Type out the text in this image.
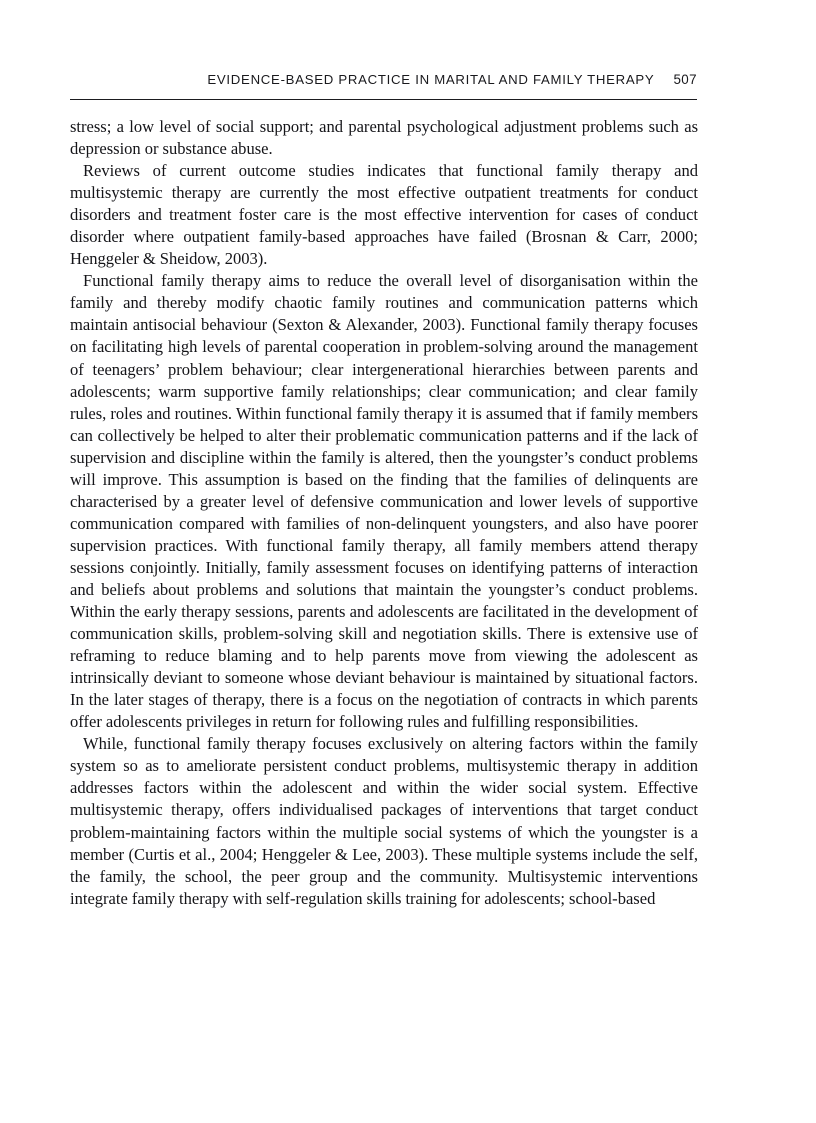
EVIDENCE-BASED PRACTICE IN MARITAL AND FAMILY THERAPY 507

stress; a low level of social support; and parental psychological adjustment problems such as depression or substance abuse.

Reviews of current outcome studies indicates that functional family therapy and multisystemic therapy are currently the most effective outpatient treatments for conduct disorders and treatment foster care is the most effective intervention for cases of conduct disorder where outpatient family-based approaches have failed (Brosnan & Carr, 2000; Henggeler & Sheidow, 2003).

Functional family therapy aims to reduce the overall level of disorganisation within the family and thereby modify chaotic family routines and communication patterns which maintain antisocial behaviour (Sexton & Alexander, 2003). Functional family therapy focuses on facilitating high levels of parental cooperation in problem-solving around the management of teenagers’ problem behaviour; clear intergenerational hierarchies between parents and adolescents; warm supportive family relationships; clear communication; and clear family rules, roles and routines. Within functional family therapy it is assumed that if family members can collectively be helped to alter their problematic communication patterns and if the lack of supervision and discipline within the family is altered, then the youngster’s conduct problems will improve. This assumption is based on the finding that the families of delinquents are characterised by a greater level of defensive communication and lower levels of supportive communication compared with families of non-delinquent youngsters, and also have poorer supervision practices. With functional family therapy, all family members attend therapy sessions conjointly. Initially, family assessment focuses on identifying patterns of interaction and beliefs about problems and solutions that maintain the youngster’s conduct problems. Within the early therapy sessions, parents and adolescents are facilitated in the development of communication skills, problem-solving skill and negotiation skills. There is extensive use of reframing to reduce blaming and to help parents move from viewing the adolescent as intrinsically deviant to someone whose deviant behaviour is maintained by situational factors. In the later stages of therapy, there is a focus on the negotiation of contracts in which parents offer adolescents privileges in return for following rules and fulfilling responsibilities.

While, functional family therapy focuses exclusively on altering factors within the family system so as to ameliorate persistent conduct problems, multisystemic therapy in addition addresses factors within the adolescent and within the wider social system. Effective multisystemic therapy, offers individualised packages of interventions that target conduct problem-maintaining factors within the multiple social systems of which the youngster is a member (Curtis et al., 2004; Henggeler & Lee, 2003). These multiple systems include the self, the family, the school, the peer group and the community. Multisystemic interventions integrate family therapy with self-regulation skills training for adolescents; school-based
